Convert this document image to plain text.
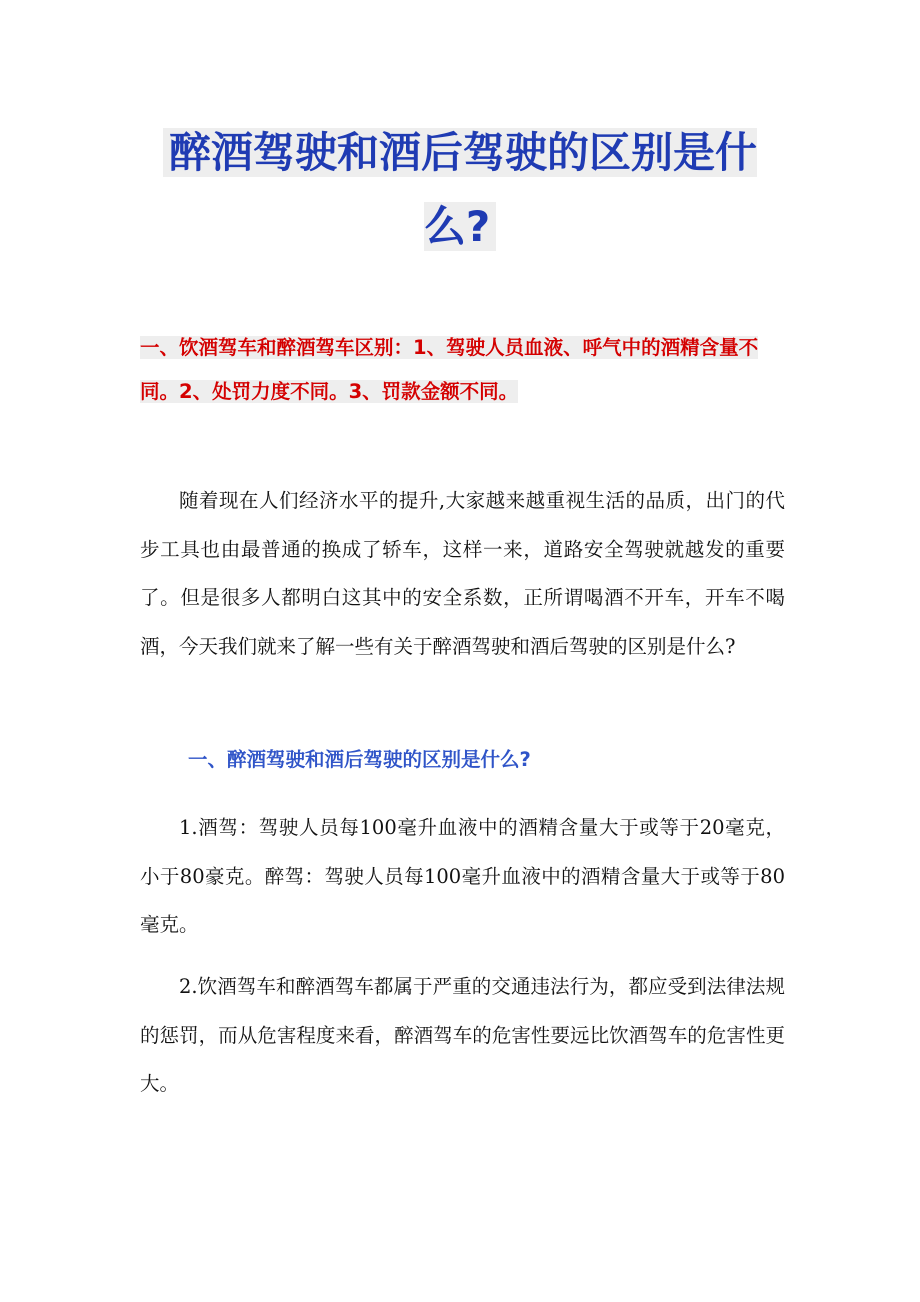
醉酒驾驶和酒后驾驶的区别是什么?
一、饮酒驾车和醉酒驾车区别：1、驾驶人员血液、呼气中的酒精含量不同。2、处罚力度不同。3、罚款金额不同。

随着现在人们经济水平的提升,大家越来越重视生活的品质，出门的代步工具也由最普通的换成了轿车，这样一来，道路安全驾驶就越发的重要了。但是很多人都明白这其中的安全系数，正所谓喝酒不开车，开车不喝酒，今天我们就来了解一些有关于醉酒驾驶和酒后驾驶的区别是什么?

一、醉酒驾驶和酒后驾驶的区别是什么?

1.酒驾：驾驶人员每100毫升血液中的酒精含量大于或等于20毫克，小于80豪克。醉驾：驾驶人员每100毫升血液中的酒精含量大于或等于80毫克。

2.饮酒驾车和醉酒驾车都属于严重的交通违法行为，都应受到法律法规的惩罚，而从危害程度来看，醉酒驾车的危害性要远比饮酒驾车的危害性更大。
